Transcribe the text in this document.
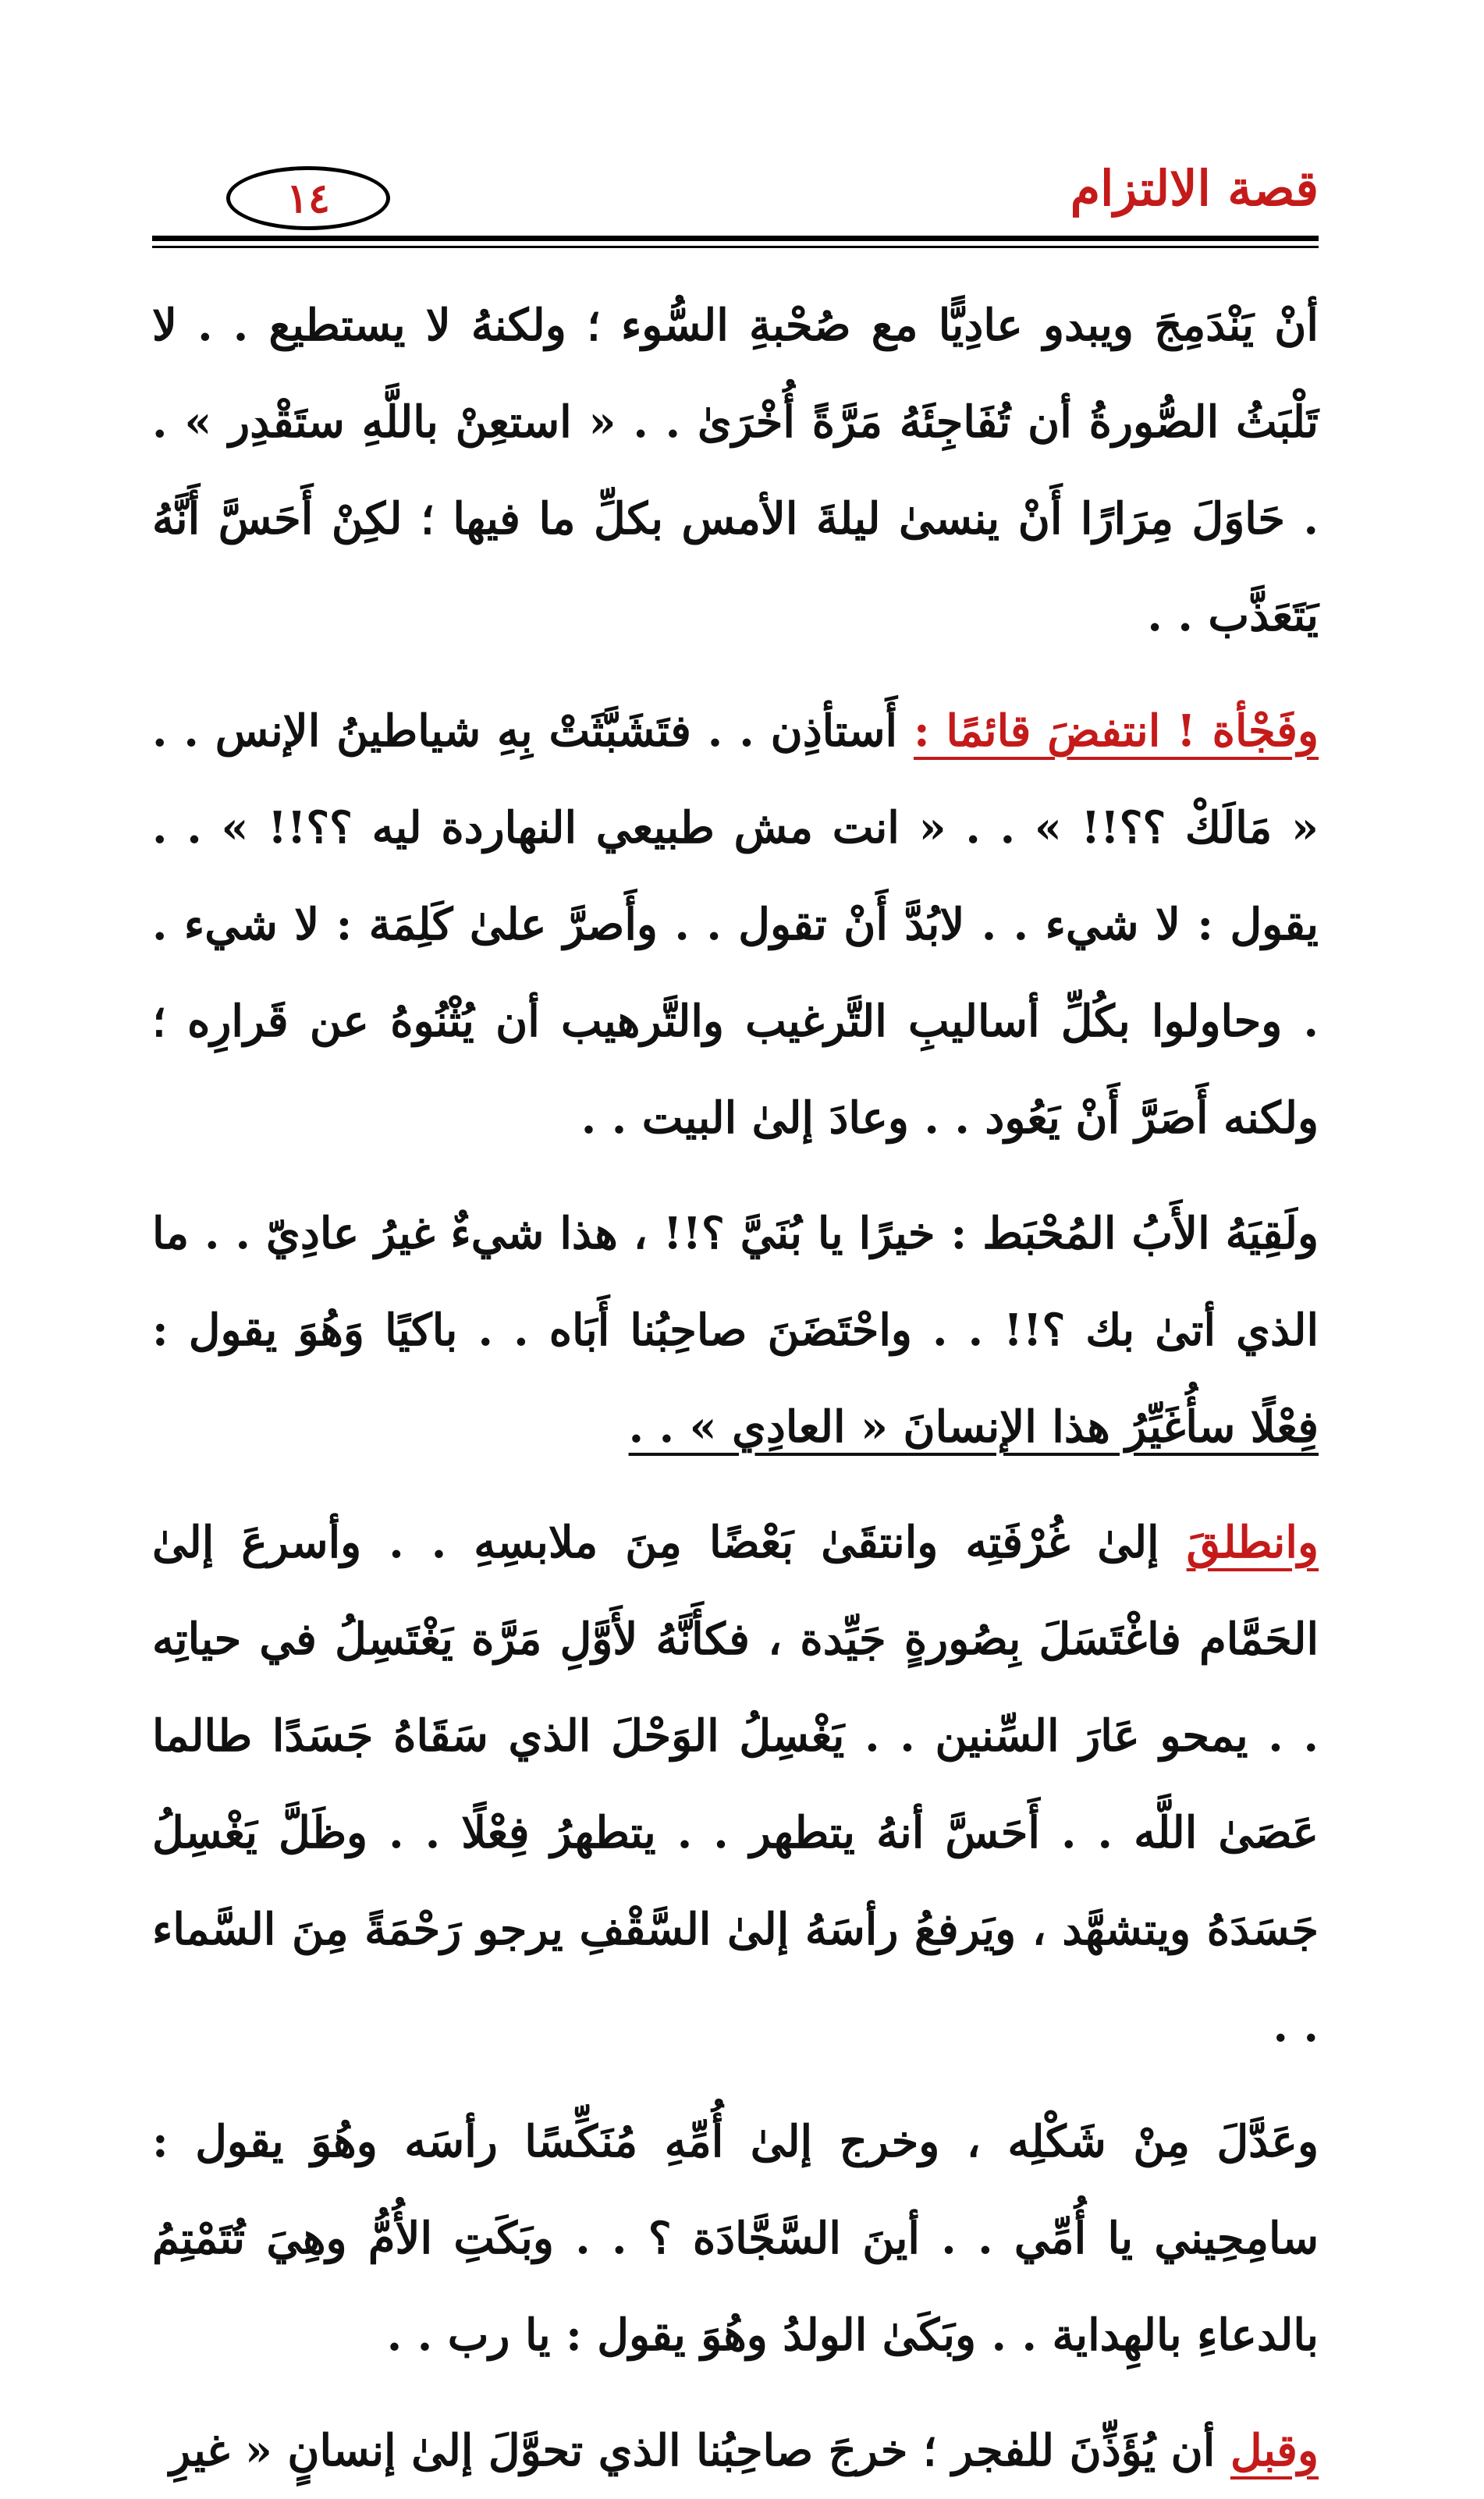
١٤	قصة الالتزام

أنْ يَنْدَمِجَ ويبدو عادِيًّا مع صُحْبةِ السُّوء ؛ ولكنهُ لا يستطيع . . لا تَلْبَثُ الصُّورةُ أن تُفَاجِئَهُ مَرَّةً أُخْرَىٰ . . « استعِنْ باللَّهِ ستَقْدِر » . . حَاوَلَ مِرَارًا أَنْ ينسىٰ ليلةَ الأمس بكلِّ ما فيها ؛ لكِنْ أَحَسَّ أَنَّهُ يَتَعَذَّب . .

وفَجْأة ! انتفضَ قائمًا : أَستأذِن . . فتَشَبَّثَتْ بِهِ شياطينُ الإنس . . « مَالَكْ ؟؟!! » . . « انت مش طبيعي النهاردة ليه ؟؟!! » . . يقول : لا شيء . . لابُدَّ أَنْ تقول . . وأَصرَّ علىٰ كَلِمَة : لا شيء . . وحاولوا بكُلِّ أساليبِ التَّرغيب والتَّرهيب أن يُثْنُوهُ عن قَرارِه ؛ ولكنه أَصَرَّ أَنْ يَعُود . . وعادَ إلىٰ البيت . .

ولَقِيَهُ الأَبُ المُحْبَط : خيرًا يا بُنَيَّ ؟!! ، هذا شيءٌ غيرُ عادِيّ . . ما الذي أتىٰ بك ؟!! . . واحْتَضَنَ صاحِبُنا أَبَاه . . باكيًا وَهُوَ يقول : فِعْلًا سأُغَيِّرُ هذا الإنسانَ « العادِي » . .

وانطلقَ إلىٰ غُرْفَتِه وانتقَىٰ بَعْضًا مِنَ ملابسِهِ . . وأسرعَ إلىٰ الحَمَّام فاغْتَسَلَ بِصُورةٍ جَيِّدة ، فكأَنَّهُ لأَوَّلِ مَرَّة يَغْتَسِلُ في حياتِه . . يمحو عَارَ السِّنين . . يَغْسِلُ الوَحْلَ الذي سَقَاهُ جَسَدًا طالما عَصَىٰ اللَّه . . أَحَسَّ أنهُ يتطهر . . يتطهرُ فِعْلًا . . وظَلَّ يَغْسِلُ جَسَدَهُ ويتشهَّد ، ويَرفعُ رأسَهُ إلىٰ السَّقْفِ يرجو رَحْمَةً مِنَ السَّماء . .

وعَدَّلَ مِنْ شَكْلِه ، وخرج إلىٰ أُمِّهِ مُنَكِّسًا رأسَه وهُوَ يقول : سامِحِيني يا أُمِّي . . أينَ السَّجَّادَة ؟ . . وبَكَتِ الأُمُّ وهِيَ تُتَمْتِمُ بالدعاءِ بالهِداية . . وبَكَىٰ الولدُ وهُوَ يقول : يا رب . .

وقبل أن يُؤَذِّنَ للفجر ؛ خرجَ صاحِبُنا الذي تحوَّلَ إلىٰ إنسانٍ « غيرِ
